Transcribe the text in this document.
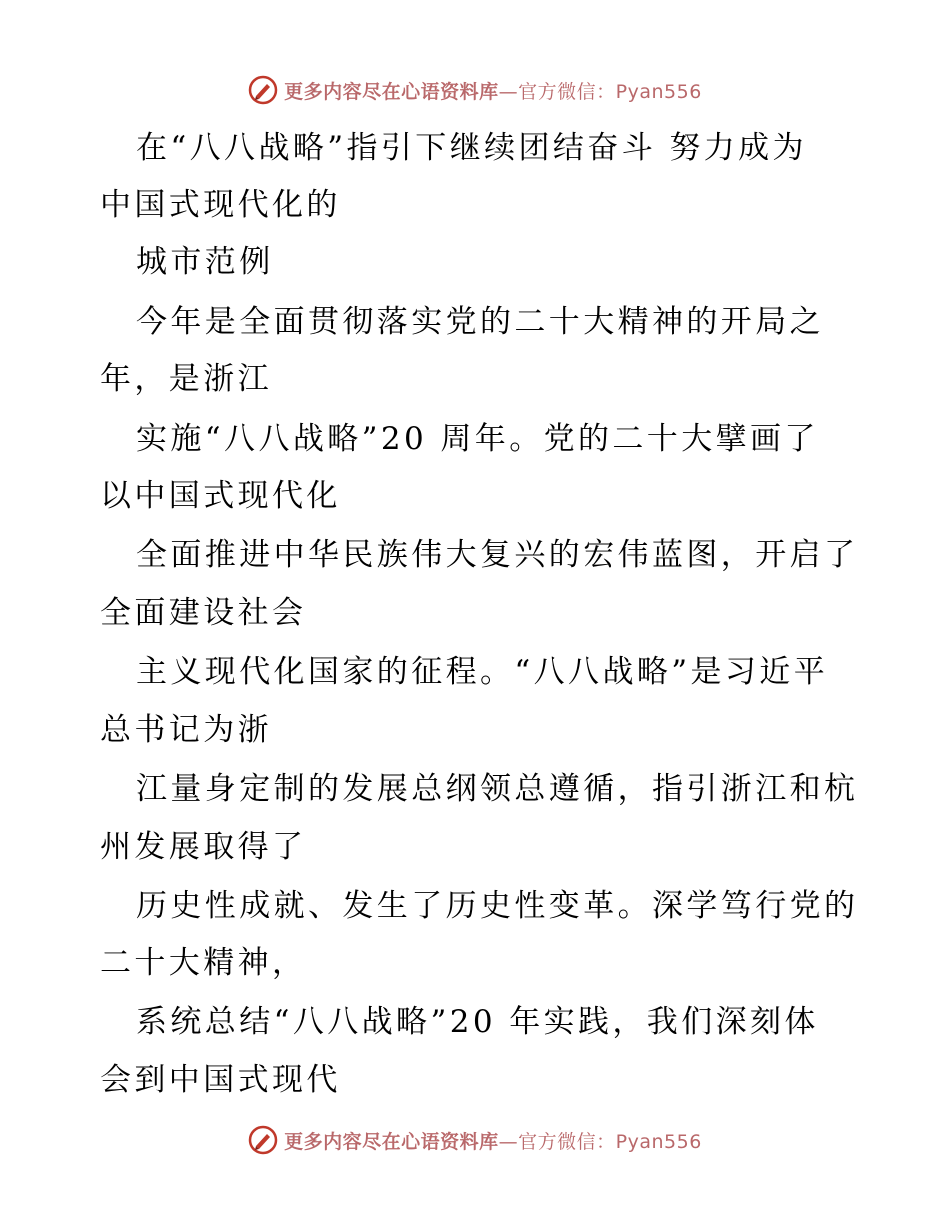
更多内容尽在心语资料库—官方微信：Pyan556
在“八八战略”指引下继续团结奋斗 努力成为
中国式现代化的
城市范例
今年是全面贯彻落实党的二十大精神的开局之
年，是浙江
实施“八八战略”20 周年。党的二十大擘画了
以中国式现代化
全面推进中华民族伟大复兴的宏伟蓝图，开启了
全面建设社会
主义现代化国家的征程。“八八战略”是习近平
总书记为浙
江量身定制的发展总纲领总遵循，指引浙江和杭
州发展取得了
历史性成就、发生了历史性变革。深学笃行党的
二十大精神，
系统总结“八八战略”20 年实践，我们深刻体
会到中国式现代
更多内容尽在心语资料库—官方微信：Pyan556
